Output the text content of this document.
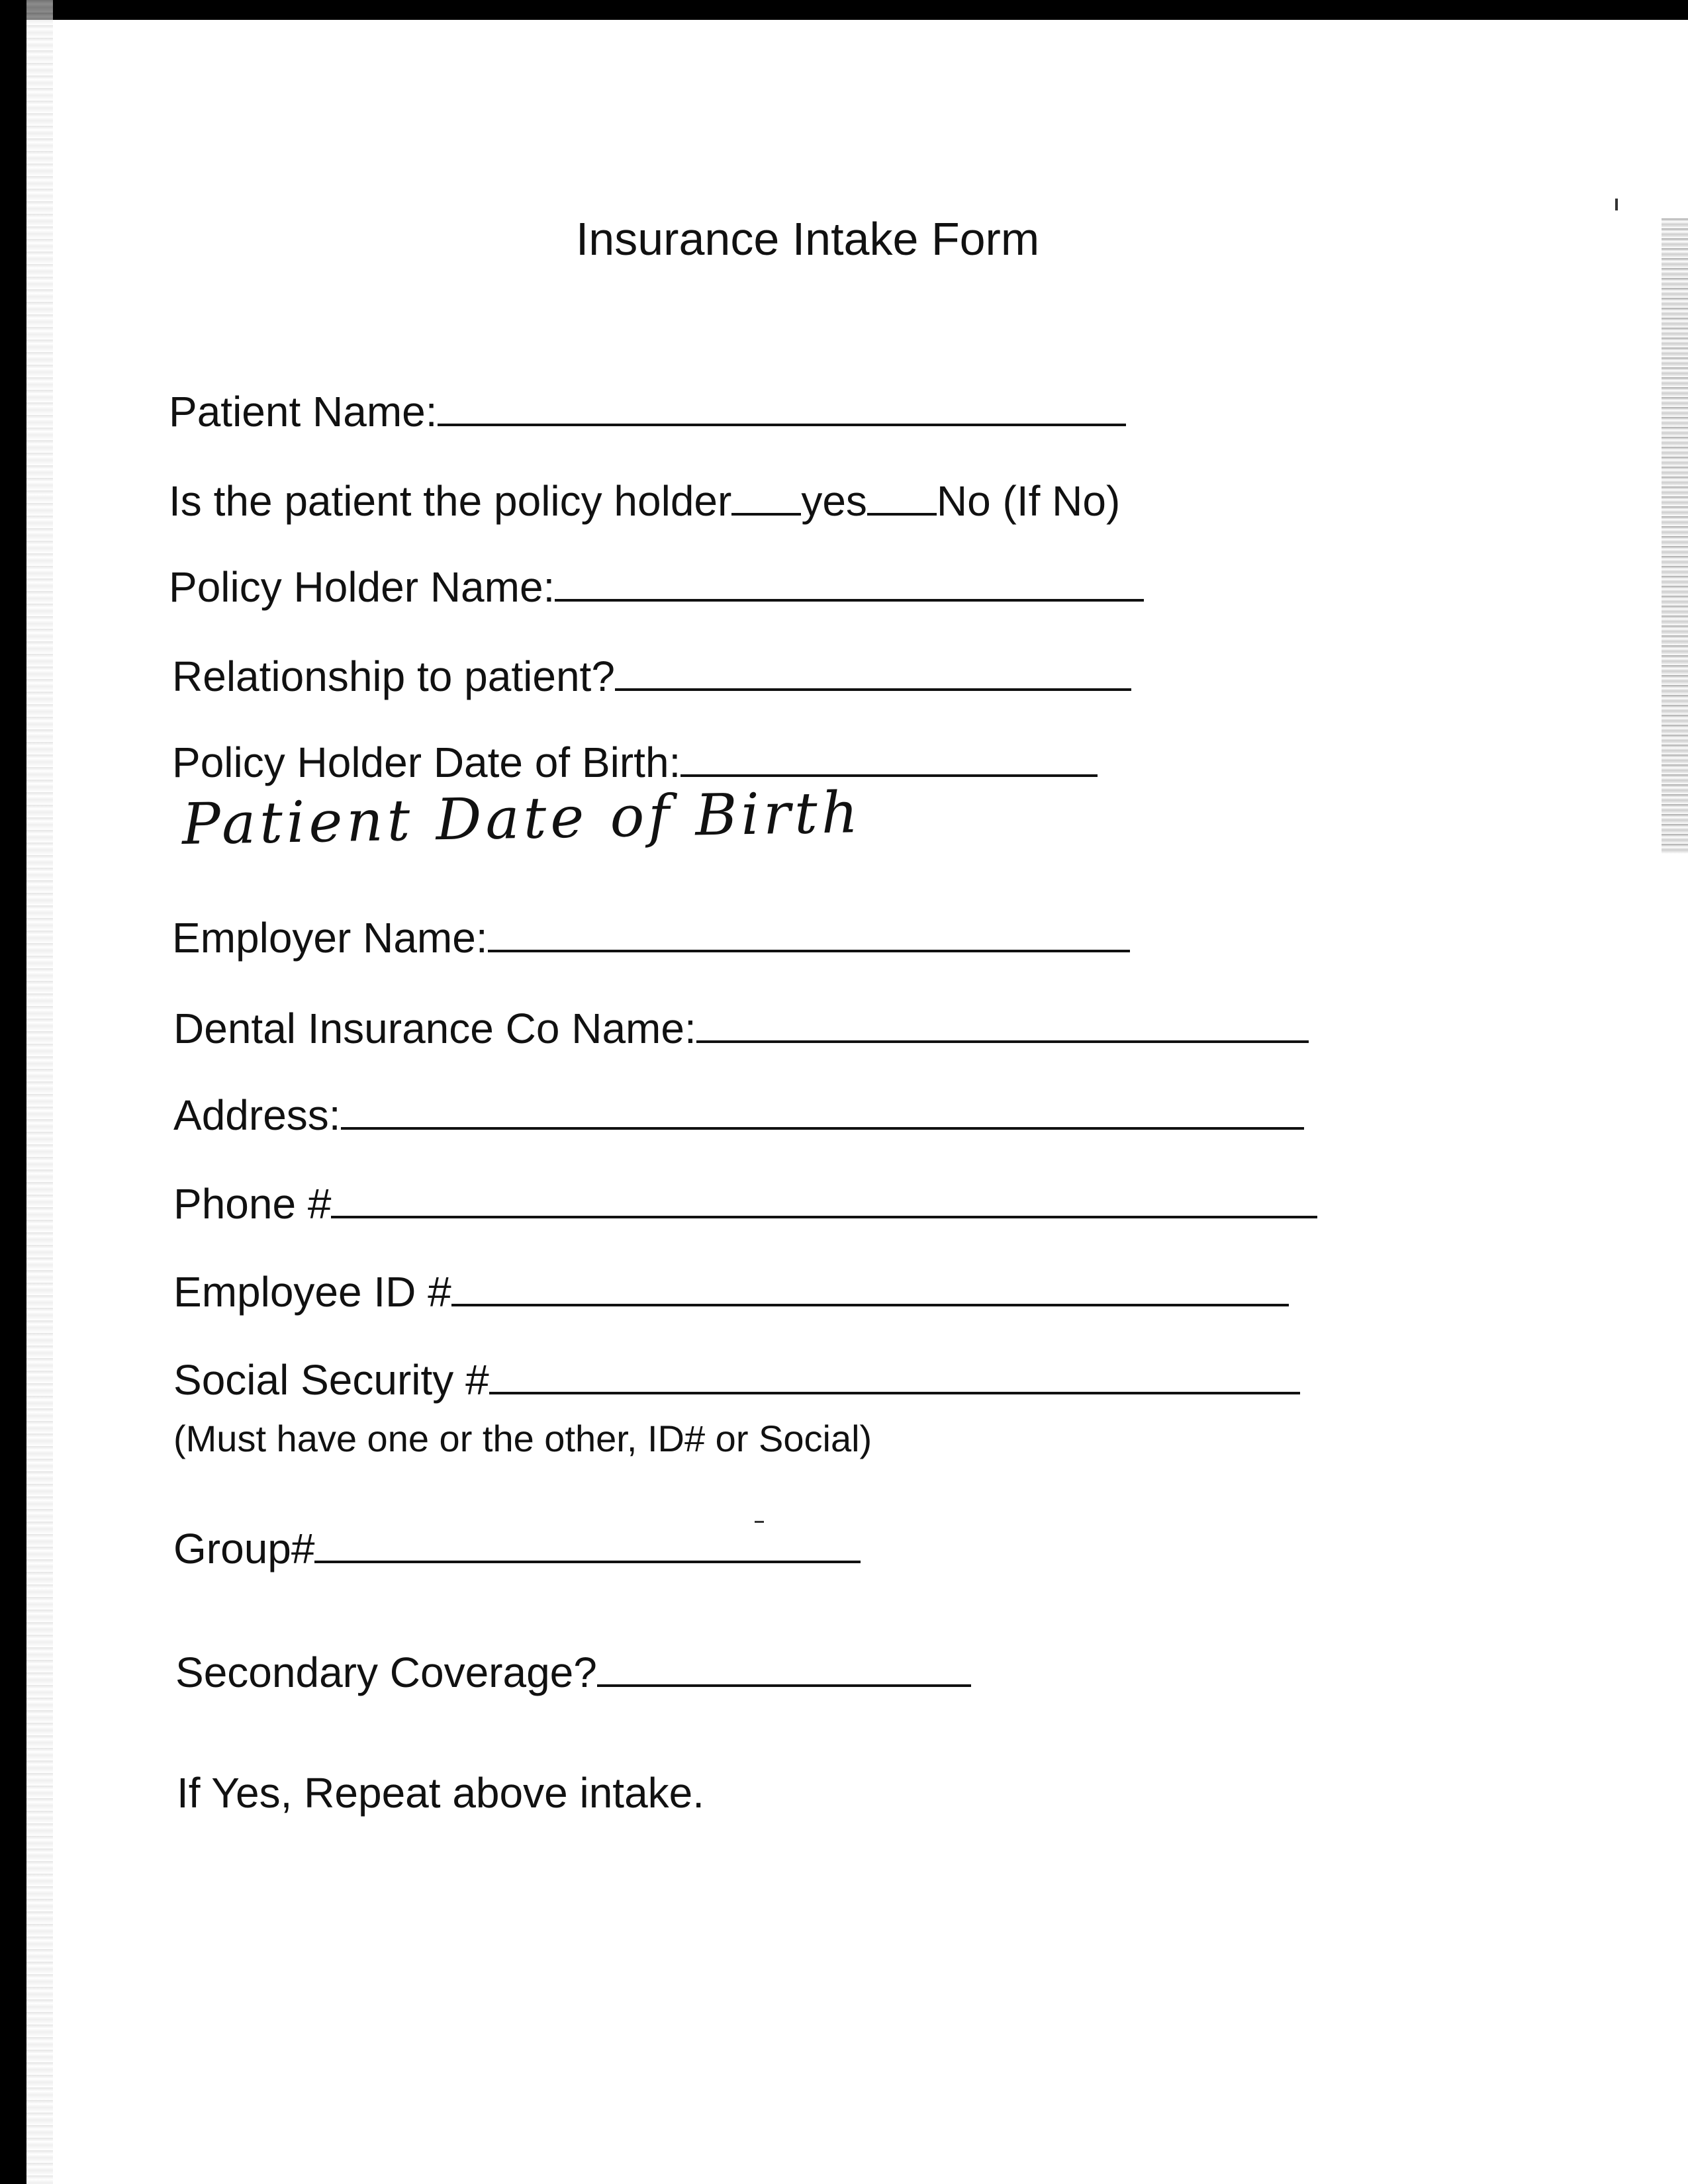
Insurance Intake Form
Patient Name:
Is the patient the policy holder yes No (If No)
Policy Holder Name:
Relationship to patient?
Policy Holder Date of Birth:
Patient Date of Birth
Employer Name:
Dental Insurance Co Name:
Address:
Phone #
Employee ID #
Social Security #
(Must have one or the other, ID# or Social)
Group#
Secondary Coverage?
If Yes, Repeat above intake.
